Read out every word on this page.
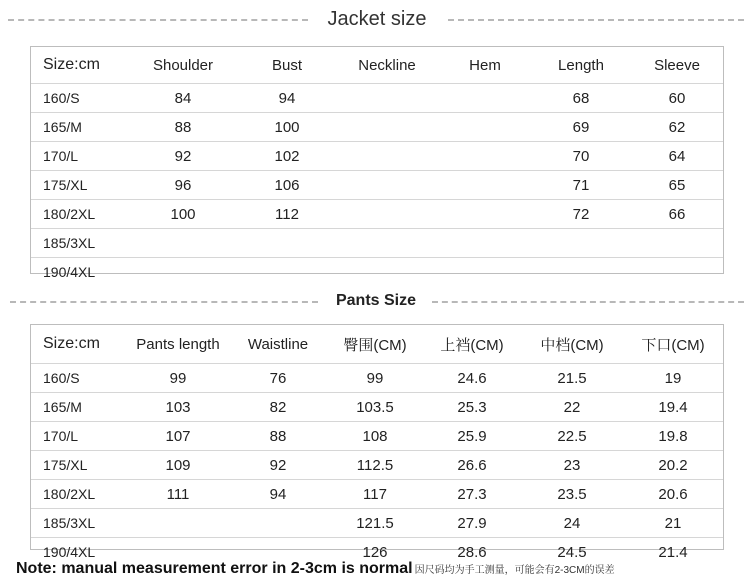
Jacket size
Size:cm	Shoulder	Bust	Neckline	Hem	Length	Sleeve
160/S	84	94			68	60
165/M	88	100			69	62
170/L	92	102			70	64
175/XL	96	106			71	65
180/2XL	100	112			72	66
185/3XL						
190/4XL						
Pants Size
Size:cm	Pants length	Waistline	臀围(CM)	上裆(CM)	中档(CM)	下口(CM)
160/S	99	76	99	24.6	21.5	19
165/M	103	82	103.5	25.3	22	19.4
170/L	107	88	108	25.9	22.5	19.8
175/XL	109	92	112.5	26.6	23	20.2
180/2XL	111	94	117	27.3	23.5	20.6
185/3XL			121.5	27.9	24	21
190/4XL			126	28.6	24.5	21.4
Note: manual measurement error in 2-3cm is normal 因尺码均为手工测量，可能会有2-3CM的误差
